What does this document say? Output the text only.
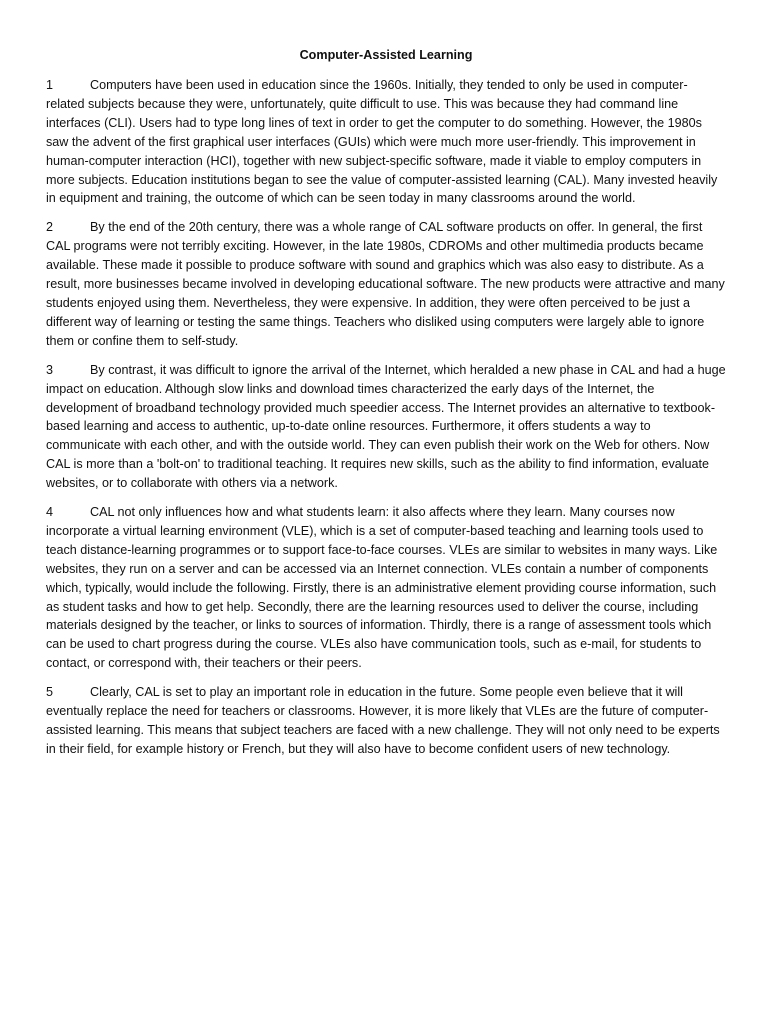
Computer-Assisted Learning

1	Computers have been used in education since the 1960s. Initially, they tended to only be used in computer-related subjects because they were, unfortunately, quite difficult to use. This was because they had command line interfaces (CLI). Users had to type long lines of text in order to get the computer to do something. However, the 1980s saw the advent of the first graphical user interfaces (GUIs) which were much more user-friendly. This improvement in human-computer interaction (HCI), together with new subject-specific software, made it viable to employ computers in more subjects. Education institutions began to see the value of computer-assisted learning (CAL). Many invested heavily in equipment and training, the outcome of which can be seen today in many classrooms around the world.

2	By the end of the 20th century, there was a whole range of CAL software products on offer. In general, the first CAL programs were not terribly exciting. However, in the late 1980s, CDROMs and other multimedia products became available. These made it possible to produce software with sound and graphics which was also easy to distribute. As a result, more businesses became involved in developing educational software. The new products were attractive and many students enjoyed using them. Nevertheless, they were expensive. In addition, they were often perceived to be just a different way of learning or testing the same things. Teachers who disliked using computers were largely able to ignore them or confine them to self-study.

3	By contrast, it was difficult to ignore the arrival of the Internet, which heralded a new phase in CAL and had a huge impact on education. Although slow links and download times characterized the early days of the Internet, the development of broadband technology provided much speedier access. The Internet provides an alternative to textbook-based learning and access to authentic, up-to-date online resources. Furthermore, it offers students a way to communicate with each other, and with the outside world. They can even publish their work on the Web for others. Now CAL is more than a 'bolt-on' to traditional teaching. It requires new skills, such as the ability to find information, evaluate websites, or to collaborate with others via a network.

4	CAL not only influences how and what students learn: it also affects where they learn. Many courses now incorporate a virtual learning environment (VLE), which is a set of computer-based teaching and learning tools used to teach distance-learning programmes or to support face-to-face courses. VLEs are similar to websites in many ways. Like websites, they run on a server and can be accessed via an Internet connection. VLEs contain a number of components which, typically, would include the following. Firstly, there is an administrative element providing course information, such as student tasks and how to get help. Secondly, there are the learning resources used to deliver the course, including materials designed by the teacher, or links to sources of information. Thirdly, there is a range of assessment tools which can be used to chart progress during the course. VLEs also have communication tools, such as e-mail, for students to contact, or correspond with, their teachers or their peers.

5	Clearly, CAL is set to play an important role in education in the future. Some people even believe that it will eventually replace the need for teachers or classrooms. However, it is more likely that VLEs are the future of computer-assisted learning. This means that subject teachers are faced with a new challenge. They will not only need to be experts in their field, for example history or French, but they will also have to become confident users of new technology.
